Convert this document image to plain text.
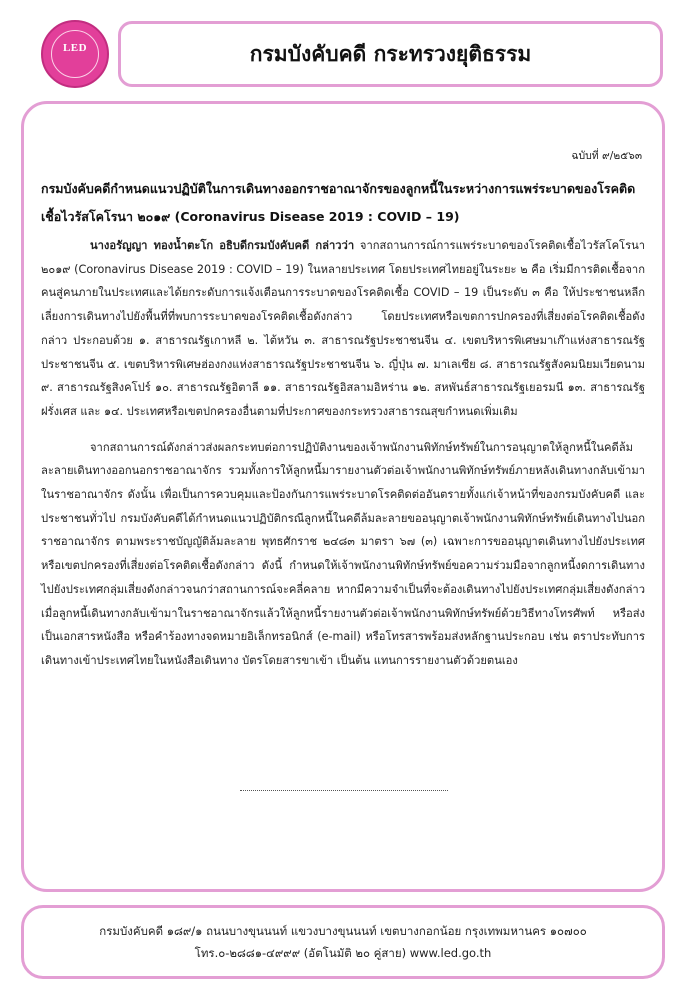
LED	กรมบังคับคดี กระทรวงยุติธรรม
ฉบับที่ ๙/๒๕๖๓
กรมบังคับคดีกำหนดแนวปฏิบัติในการเดินทางออกราชอาณาจักรของลูกหนี้ในระหว่างการแพร่ระบาดของโรคติดเชื้อไวรัสโคโรนา ๒๐๑๙ (Coronavirus Disease 2019 : COVID – 19)

นางอรัญญา ทองน้ำตะโก อธิบดีกรมบังคับคดี กล่าวว่า จากสถานการณ์การแพร่ระบาดของโรคติดเชื้อไวรัสโคโรนา ๒๐๑๙ (Coronavirus Disease 2019 : COVID – 19) ในหลายประเทศ โดยประเทศไทยอยู่ในระยะ ๒ คือ เริ่มมีการติดเชื้อจากคนสู่คนภายในประเทศและได้ยกระดับการแจ้งเตือนการระบาดของโรคติดเชื้อ COVID – 19 เป็นระดับ ๓ คือ ให้ประชาชนหลีกเลี่ยงการเดินทางไปยังพื้นที่ที่พบการระบาดของโรคติดเชื้อดังกล่าว โดยประเทศหรือเขตการปกครองที่เสี่ยงต่อโรคติดเชื้อดังกล่าว ประกอบด้วย ๑. สาธารณรัฐเกาหลี ๒. ไต้หวัน ๓. สาธารณรัฐประชาชนจีน ๔. เขตบริหารพิเศษมาเก๊าแห่งสาธารณรัฐประชาชนจีน ๕. เขตบริหารพิเศษฮ่องกงแห่งสาธารณรัฐประชาชนจีน ๖. ญี่ปุ่น ๗. มาเลเซีย ๘. สาธารณรัฐสังคมนิยมเวียดนาม ๙. สาธารณรัฐสิงคโปร์ ๑๐. สาธารณรัฐอิตาลี ๑๑. สาธารณรัฐอิสลามอิหร่าน ๑๒. สหพันธ์สาธารณรัฐเยอรมนี ๑๓. สาธารณรัฐฝรั่งเศส และ ๑๔. ประเทศหรือเขตปกครองอื่นตามที่ประกาศของกระทรวงสาธารณสุขกำหนดเพิ่มเติม

จากสถานการณ์ดังกล่าวส่งผลกระทบต่อการปฏิบัติงานของเจ้าพนักงานพิทักษ์ทรัพย์ในการอนุญาตให้ลูกหนี้ในคดีล้มละลายเดินทางออกนอกราชอาณาจักร รวมทั้งการให้ลูกหนี้มารายงานตัวต่อเจ้าพนักงานพิทักษ์ทรัพย์ภายหลังเดินทางกลับเข้ามาในราชอาณาจักร ดังนั้น เพื่อเป็นการควบคุมและป้องกันการแพร่ระบาดโรคติดต่ออันตรายทั้งแก่เจ้าหน้าที่ของกรมบังคับคดี และประชาชนทั่วไป กรมบังคับคดีได้กำหนดแนวปฏิบัติกรณีลูกหนี้ในคดีล้มละลายขออนุญาตเจ้าพนักงานพิทักษ์ทรัพย์เดินทางไปนอกราชอาณาจักร ตามพระราชบัญญัติล้มละลาย พุทธศักราช ๒๔๘๓ มาตรา ๖๗ (๓) เฉพาะการขออนุญาตเดินทางไปยังประเทศหรือเขตปกครองที่เสี่ยงต่อโรคติดเชื้อดังกล่าว ดังนี้ กำหนดให้เจ้าพนักงานพิทักษ์ทรัพย์ขอความร่วมมือจากลูกหนี้งดการเดินทางไปยังประเทศกลุ่มเสี่ยงดังกล่าวจนกว่าสถานการณ์จะคลี่คลาย หากมีความจำเป็นที่จะต้องเดินทางไปยังประเทศกลุ่มเสี่ยงดังกล่าว เมื่อลูกหนี้เดินทางกลับเข้ามาในราชอาณาจักรแล้วให้ลูกหนี้รายงานตัวต่อเจ้าพนักงานพิทักษ์ทรัพย์ด้วยวิธีทางโทรศัพท์ หรือส่งเป็นเอกสารหนังสือ หรือคำร้องทางจดหมายอิเล็กทรอนิกส์ (e-mail) หรือโทรสารพร้อมส่งหลักฐานประกอบ เช่น ตราประทับการเดินทางเข้าประเทศไทยในหนังสือเดินทาง บัตรโดยสารขาเข้า เป็นต้น แทนการรายงานตัวด้วยตนเอง

กรมบังคับคดี ๑๘๙/๑ ถนนบางขุนนนท์ แขวงบางขุนนนท์ เขตบางกอกน้อย กรุงเทพมหานคร ๑๐๗๐๐
โทร.๐-๒๘๘๑-๔๙๙๙ (อัตโนมัติ ๒๐ คู่สาย) www.led.go.th
